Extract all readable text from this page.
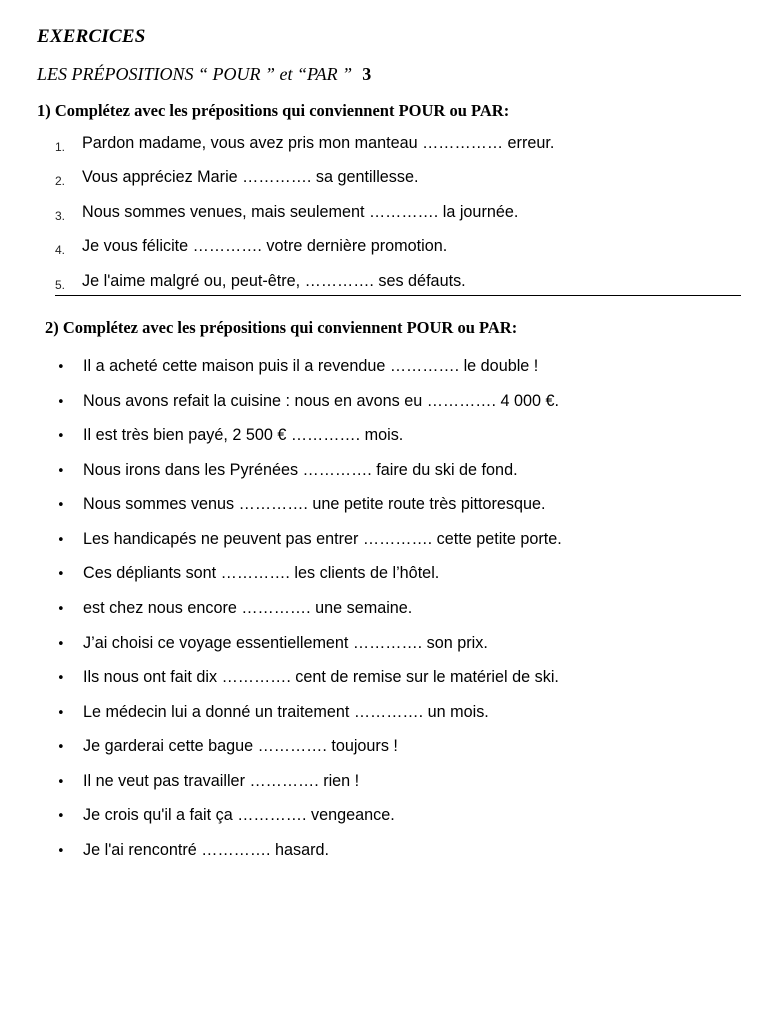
EXERCICES
LES PRÉPOSITIONS “ POUR ” et “PAR ” 3
1) Complétez avec les prépositions qui conviennent POUR ou PAR:
1.	Pardon madame, vous avez pris mon manteau …………… erreur.
2.	Vous appréciez Marie …………. sa gentillesse.
3.	Nous sommes venues, mais seulement …………. la journée.
4.	Je vous félicite …………. votre dernière promotion.
5.	Je l'aime malgré ou, peut-être, …………. ses défauts.
2) Complétez avec les prépositions qui conviennent POUR ou PAR:
•	Il a acheté cette maison puis il a revendue …………. le double !
•	Nous avons refait la cuisine : nous en avons eu …………. 4 000 €.
•	Il est très bien payé, 2 500 € …………. mois.
•	Nous irons dans les Pyrénées …………. faire du ski de fond.
•	Nous sommes venus …………. une petite route très pittoresque.
•	Les handicapés ne peuvent pas entrer …………. cette petite porte.
•	Ces dépliants sont …………. les clients de l’hôtel.
•	est chez nous encore …………. une semaine.
•	J’ai choisi ce voyage essentiellement …………. son prix.
•	Ils nous ont fait dix …………. cent de remise sur le matériel de ski.
•	Le médecin lui a donné un traitement …………. un mois.
•	Je garderai cette bague …………. toujours !
•	Il ne veut pas travailler …………. rien !
•	Je crois qu'il a fait ça …………. vengeance.
•	Je l'ai rencontré …………. hasard.
